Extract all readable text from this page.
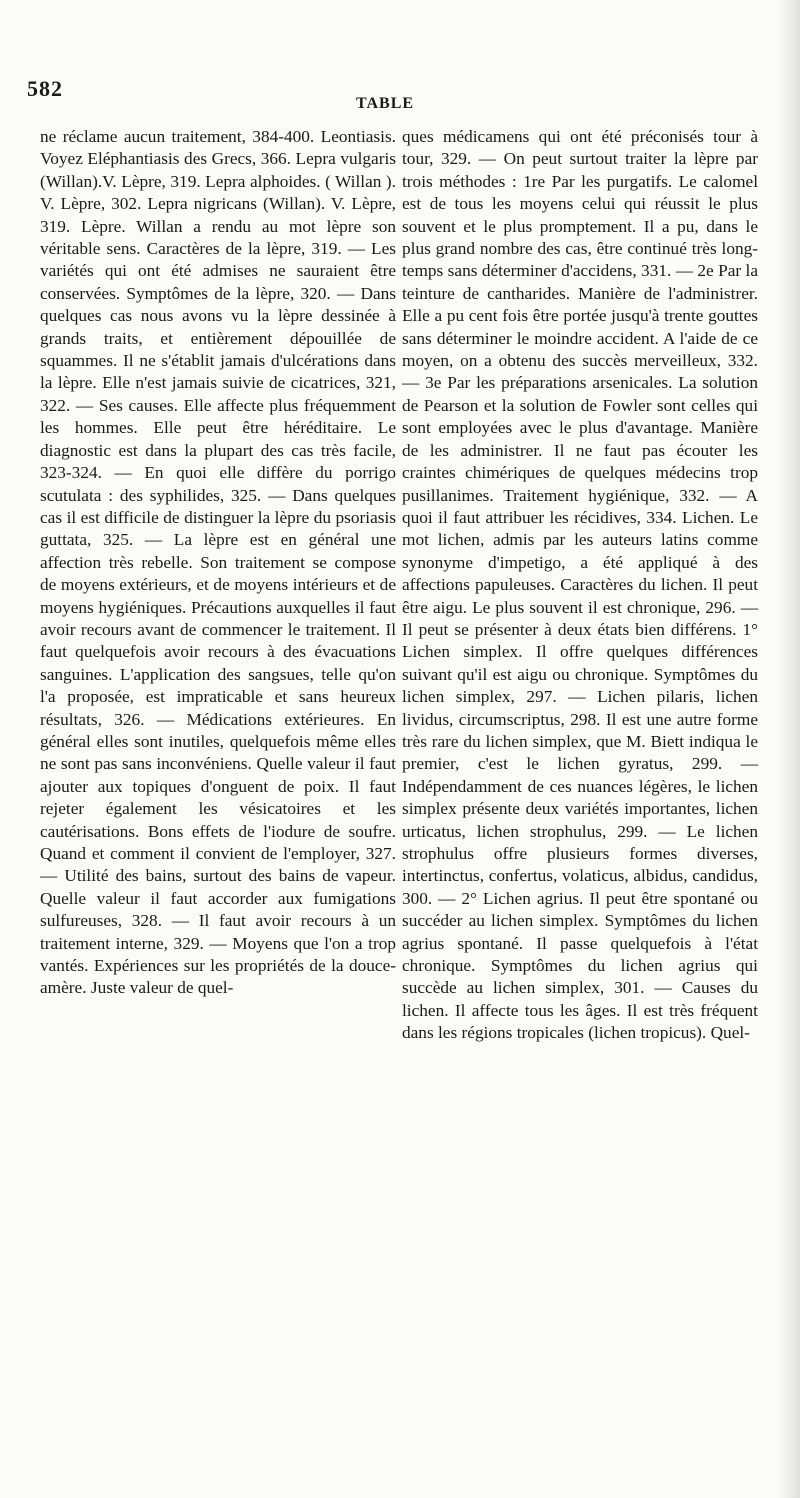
582
TABLE

ne réclame aucun traitement, 384-400. Leontiasis. Voyez Eléphantiasis des Grecs, 366. Lepra vulgaris (Willan).V. Lèpre, 319. Lepra alphoides. ( Willan ). V. Lèpre, 302. Lepra nigricans (Willan). V. Lèpre, 319. Lèpre. Willan a rendu au mot lèpre son véritable sens. Caractères de la lèpre, 319. — Les variétés qui ont été admises ne sauraient être conservées. Symptômes de la lèpre, 320. — Dans quelques cas nous avons vu la lèpre dessinée à grands traits, et entièrement dépouillée de squammes. Il ne s'établit jamais d'ulcérations dans la lèpre. Elle n'est jamais suivie de cicatrices, 321, 322. — Ses causes. Elle affecte plus fréquemment les hommes. Elle peut être héréditaire. Le diagnostic est dans la plupart des cas très facile, 323-324. — En quoi elle diffère du porrigo scutulata : des syphilides, 325. — Dans quelques cas il est difficile de distinguer la lèpre du psoriasis guttata, 325. — La lèpre est en général une affection très rebelle. Son traitement se compose de moyens extérieurs, et de moyens intérieurs et de moyens hygiéniques. Précautions auxquelles il faut avoir recours avant de commencer le traitement. Il faut quelquefois avoir recours à des évacuations sanguines. L'application des sangsues, telle qu'on l'a proposée, est impraticable et sans heureux résultats, 326. — Médications extérieures. En général elles sont inutiles, quelquefois même elles ne sont pas sans inconvéniens. Quelle valeur il faut ajouter aux topiques d'onguent de poix. Il faut rejeter également les vésicatoires et les cautérisations. Bons effets de l'iodure de soufre. Quand et comment il convient de l'employer, 327. — Utilité des bains, surtout des bains de vapeur. Quelle valeur il faut accorder aux fumigations sulfureuses, 328. — Il faut avoir recours à un traitement interne, 329. — Moyens que l'on a trop vantés. Expériences sur les propriétés de la douce-amère. Juste valeur de quel-

ques médicamens qui ont été préconisés tour à tour, 329. — On peut surtout traiter la lèpre par trois méthodes : 1re Par les purgatifs. Le calomel est de tous les moyens celui qui réussit le plus souvent et le plus promptement. Il a pu, dans le plus grand nombre des cas, être continué très long-temps sans déterminer d'accidens, 331. — 2e Par la teinture de cantharides. Manière de l'administrer. Elle a pu cent fois être portée jusqu'à trente gouttes sans déterminer le moindre accident. A l'aide de ce moyen, on a obtenu des succès merveilleux, 332. — 3e Par les préparations arsenicales. La solution de Pearson et la solution de Fowler sont celles qui sont employées avec le plus d'avantage. Manière de les administrer. Il ne faut pas écouter les craintes chimériques de quelques médecins trop pusillanimes. Traitement hygiénique, 332. — A quoi il faut attribuer les récidives, 334. Lichen. Le mot lichen, admis par les auteurs latins comme synonyme d'impetigo, a été appliqué à des affections papuleuses. Caractères du lichen. Il peut être aigu. Le plus souvent il est chronique, 296. — Il peut se présenter à deux états bien différens. 1° Lichen simplex. Il offre quelques différences suivant qu'il est aigu ou chronique. Symptômes du lichen simplex, 297. — Lichen pilaris, lichen lividus, circumscriptus, 298. Il est une autre forme très rare du lichen simplex, que M. Biett indiqua le premier, c'est le lichen gyratus, 299. — Indépendamment de ces nuances légères, le lichen simplex présente deux variétés importantes, lichen urticatus, lichen strophulus, 299. — Le lichen strophulus offre plusieurs formes diverses, intertinctus, confertus, volaticus, albidus, candidus, 300. — 2° Lichen agrius. Il peut être spontané ou succéder au lichen simplex. Symptômes du lichen agrius spontané. Il passe quelquefois à l'état chronique. Symptômes du lichen agrius qui succède au lichen simplex, 301. — Causes du lichen. Il affecte tous les âges. Il est très fréquent dans les régions tropicales (lichen tropicus). Quel-
